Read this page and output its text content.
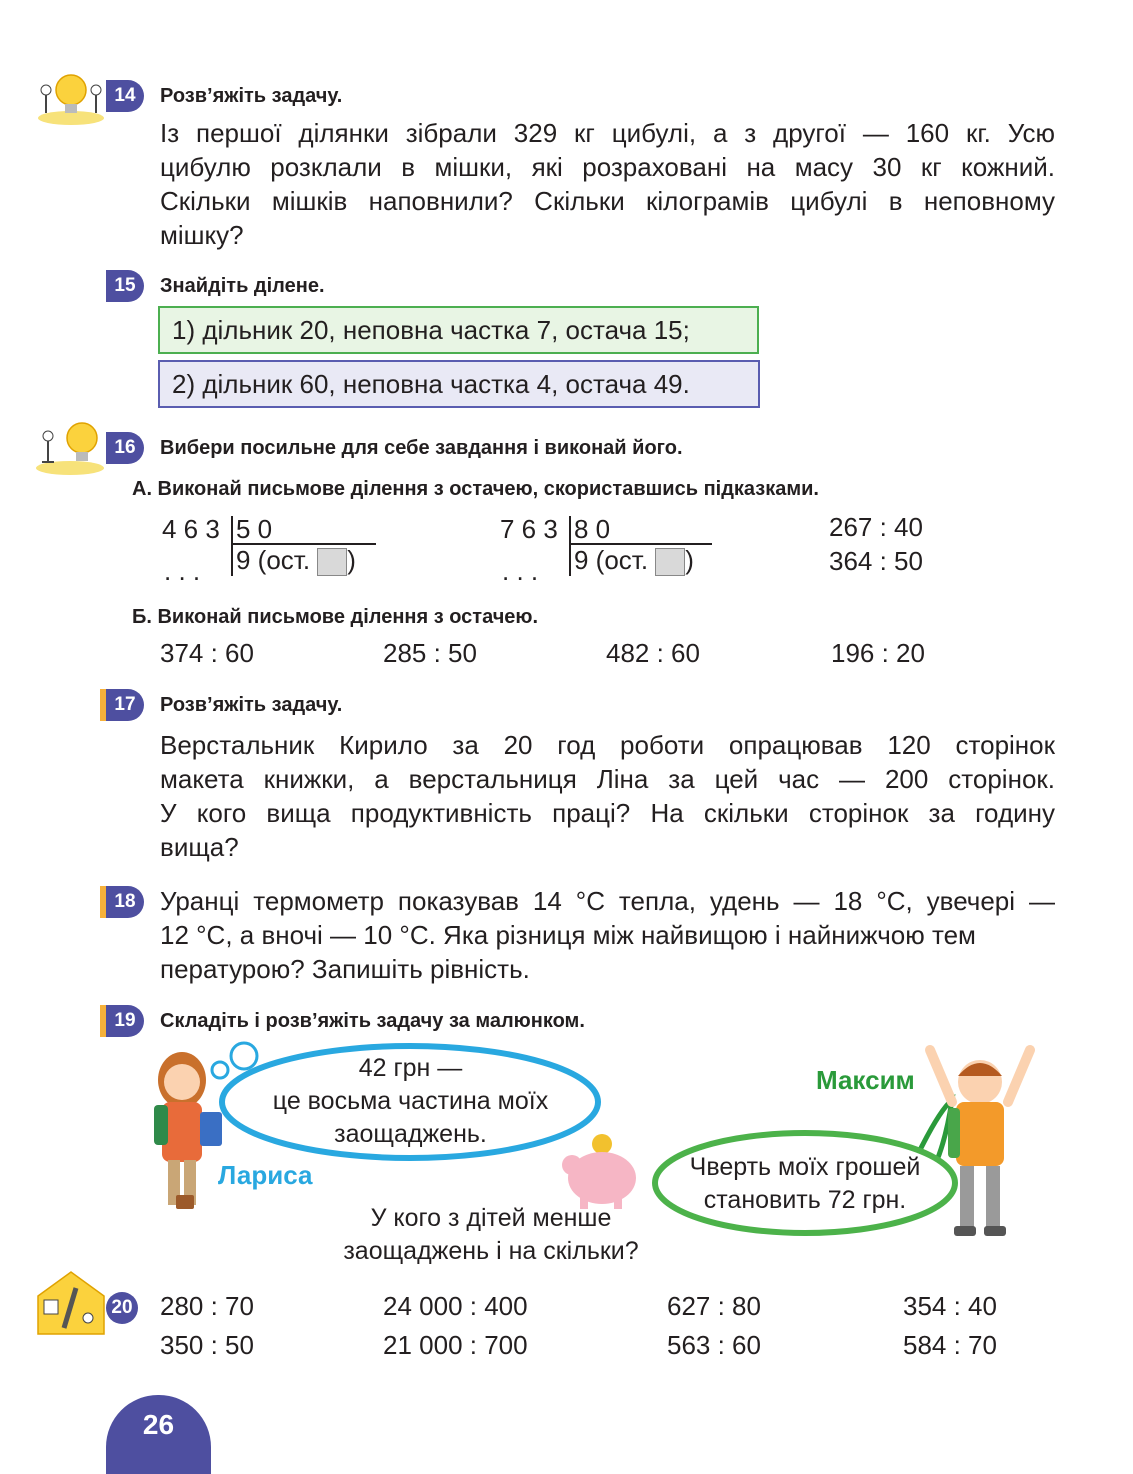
14	Розв’яжіть задачу.
Із першої ділянки зібрали 329 кг цибулі, а з другої — 160 кг. Усю
цибулю розклали в мішки, які розраховані на масу 30 кг кожний.
Скільки мішків наповнили? Скільки кілограмів цибулі в неповному
мішку?
15	Знайдіть ділене.
1) дільник 20, неповна частка 7, остача 15;
2) дільник 60, неповна частка 4, остача 49.
16	Вибери посильне для себе завдання і виконай його.
А. Виконай письмове ділення з остачею, скориставшись підказками.
4 6 3 5 0
9 (ост. )
. . .
7 6 3 8 0
9 (ост. )
. . .
267 : 40
364 : 50
Б. Виконай письмове ділення з остачею.
374 : 60	285 : 50	482 : 60	196 : 20
17	Розв’яжіть задачу.
Верстальник Кирило за 20 год роботи опрацював 120 сторінок
макета книжки, а верстальниця Ліна за цей час — 200 сторінок.
У кого вища продуктивність праці? На скільки сторінок за годину
вища?
18 Уранці термометр показував 14 °С тепла, удень — 18 °С, увечері —
12 °С, а вночі — 10 °С. Яка різниця між найвищою і найнижчою тем
пературою? Запишіть рівність.
19	Складіть і розв’яжіть задачу за малюнком.
42 грн —
це восьма частина моїх
заощаджень.
Лариса
Максим
Чверть моїх грошей
становить 72 грн.
У кого з дітей менше
заощаджень і на скільки?
20 280 : 70	24 000 : 400	627 : 80	354 : 40
350 : 50	21 000 : 700	563 : 60	584 : 70
26
